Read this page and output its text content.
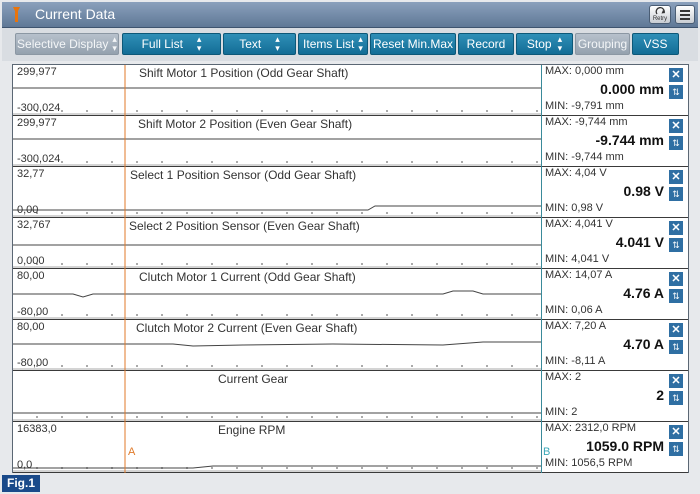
Current Data	Retry
Selective Display ▴
▾ Full List ▴
▾	Text ▴
▾ Items List ▴
▾ Reset Min.Max Record Stop ▴
▾ Grouping VSS
299,977
-300,024
Shift Motor 1 Position (Odd Gear Shaft)	MAX: 0,000 mm
0.000 mm
MIN: -9,791 mm
✕
⇅
299,977
-300,024
Shift Motor 2 Position (Even Gear Shaft)	MAX: -9,744 mm
-9.744 mm
MIN: -9,744 mm
✕
⇅
32,77
0,00
Select 1 Position Sensor (Odd Gear Shaft)	MAX: 4,04 V
0.98 V
MIN: 0,98 V
✕
⇅
32,767
0,000
Select 2 Position Sensor (Even Gear Shaft)	MAX: 4,041 V
4.041 V
MIN: 4,041 V
✕
⇅
80,00
-80,00
Clutch Motor 1 Current (Odd Gear Shaft)	MAX: 14,07 A
4.76 A
MIN: 0,06 A
✕
⇅
80,00
-80,00
Clutch Motor 2 Current (Even Gear Shaft)	MAX: 7,20 A
4.70 A
MIN: -8,11 A
✕
⇅
Current Gear	MAX: 2
2
MIN: 2
✕
⇅
16383,0
0,0
Engine RPM	MAX: 2312,0 RPM
1059.0 RPM
MIN: 1056,5 RPM
✕
⇅
A	B
Fig.1
